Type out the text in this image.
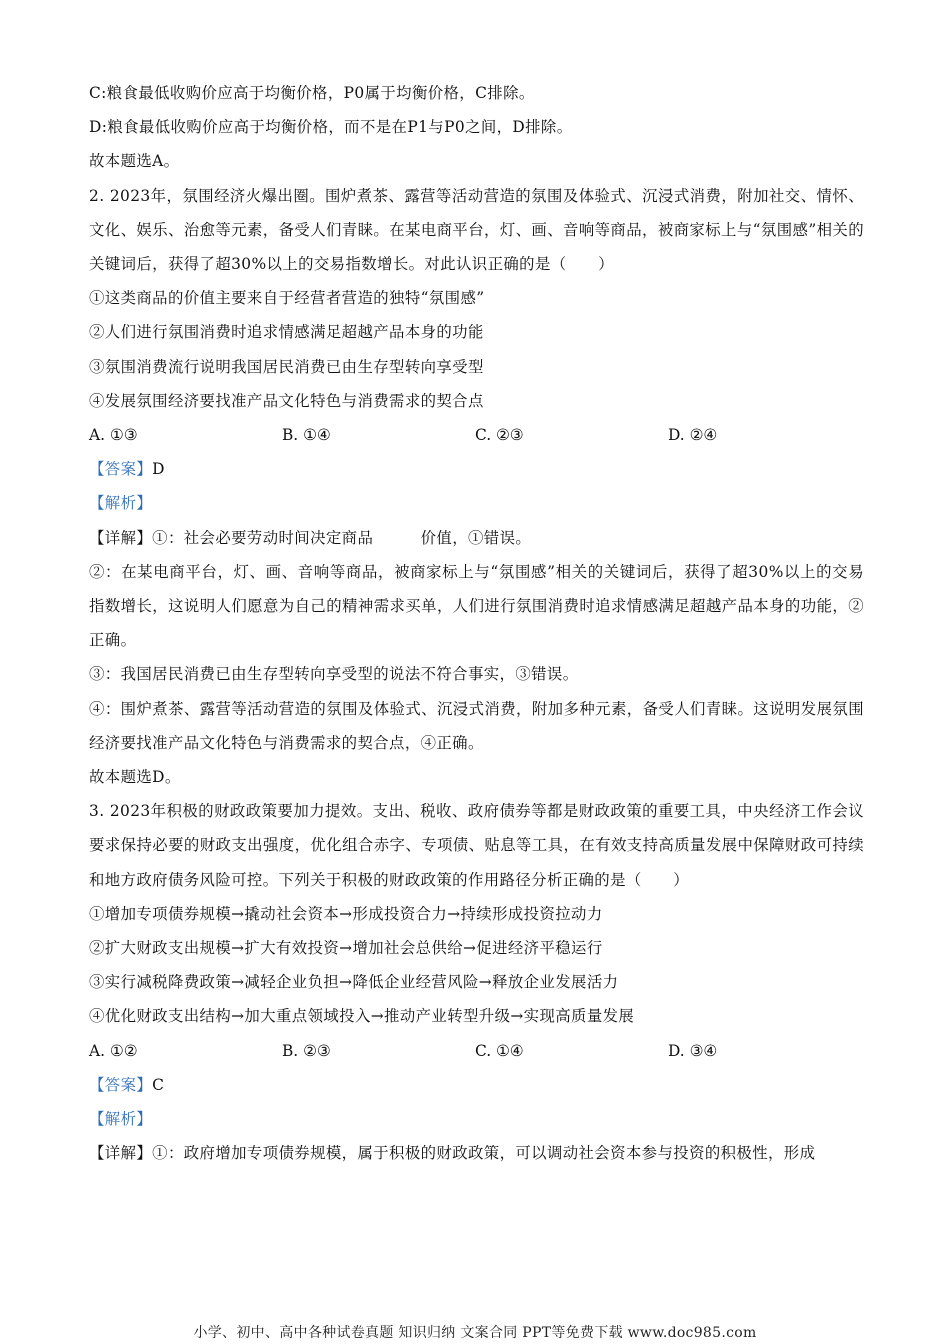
C:粮食最低收购价应高于均衡价格，P0属于均衡价格，C排除。
D:粮食最低收购价应高于均衡价格，而不是在P1与P0之间，D排除。
故本题选A。
2. 2023年，氛围经济火爆出圈。围炉煮茶、露营等活动营造的氛围及体验式、沉浸式消费，附加社交、情怀、文化、娱乐、治愈等元素，备受人们青睐。在某电商平台，灯、画、音响等商品，被商家标上与“氛围感”相关的关键词后，获得了超30%以上的交易指数增长。对此认识正确的是（　　）
①这类商品的价值主要来自于经营者营造的独特“氛围感”
②人们进行氛围消费时追求情感满足超越产品本身的功能
③氛围消费流行说明我国居民消费已由生存型转向享受型
④发展氛围经济要找准产品文化特色与消费需求的契合点
A. ①③	B. ①④	C. ②③	D. ②④
【答案】D
【解析】
【详解】①：社会必要劳动时间决定商品　　　价值，①错误。
②：在某电商平台，灯、画、音响等商品，被商家标上与“氛围感”相关的关键词后，获得了超30%以上的交易指数增长，这说明人们愿意为自己的精神需求买单，人们进行氛围消费时追求情感满足超越产品本身的功能，②正确。
③：我国居民消费已由生存型转向享受型的说法不符合事实，③错误。
④：围炉煮茶、露营等活动营造的氛围及体验式、沉浸式消费，附加多种元素，备受人们青睐。这说明发展氛围经济要找准产品文化特色与消费需求的契合点，④正确。
故本题选D。
3. 2023年积极的财政政策要加力提效。支出、税收、政府债券等都是财政政策的重要工具，中央经济工作会议要求保持必要的财政支出强度，优化组合赤字、专项债、贴息等工具，在有效支持高质量发展中保障财政可持续和地方政府债务风险可控。下列关于积极的财政政策的作用路径分析正确的是（　　）
①增加专项债券规模→撬动社会资本→形成投资合力→持续形成投资拉动力
②扩大财政支出规模→扩大有效投资→增加社会总供给→促进经济平稳运行
③实行减税降费政策→减轻企业负担→降低企业经营风险→释放企业发展活力
④优化财政支出结构→加大重点领域投入→推动产业转型升级→实现高质量发展
A. ①②	B. ②③	C. ①④	D. ③④
【答案】C
【解析】
【详解】①：政府增加专项债券规模，属于积极的财政政策，可以调动社会资本参与投资的积极性，形成
小学、初中、高中各种试卷真题 知识归纳 文案合同 PPT等免费下载 www.doc985.com
